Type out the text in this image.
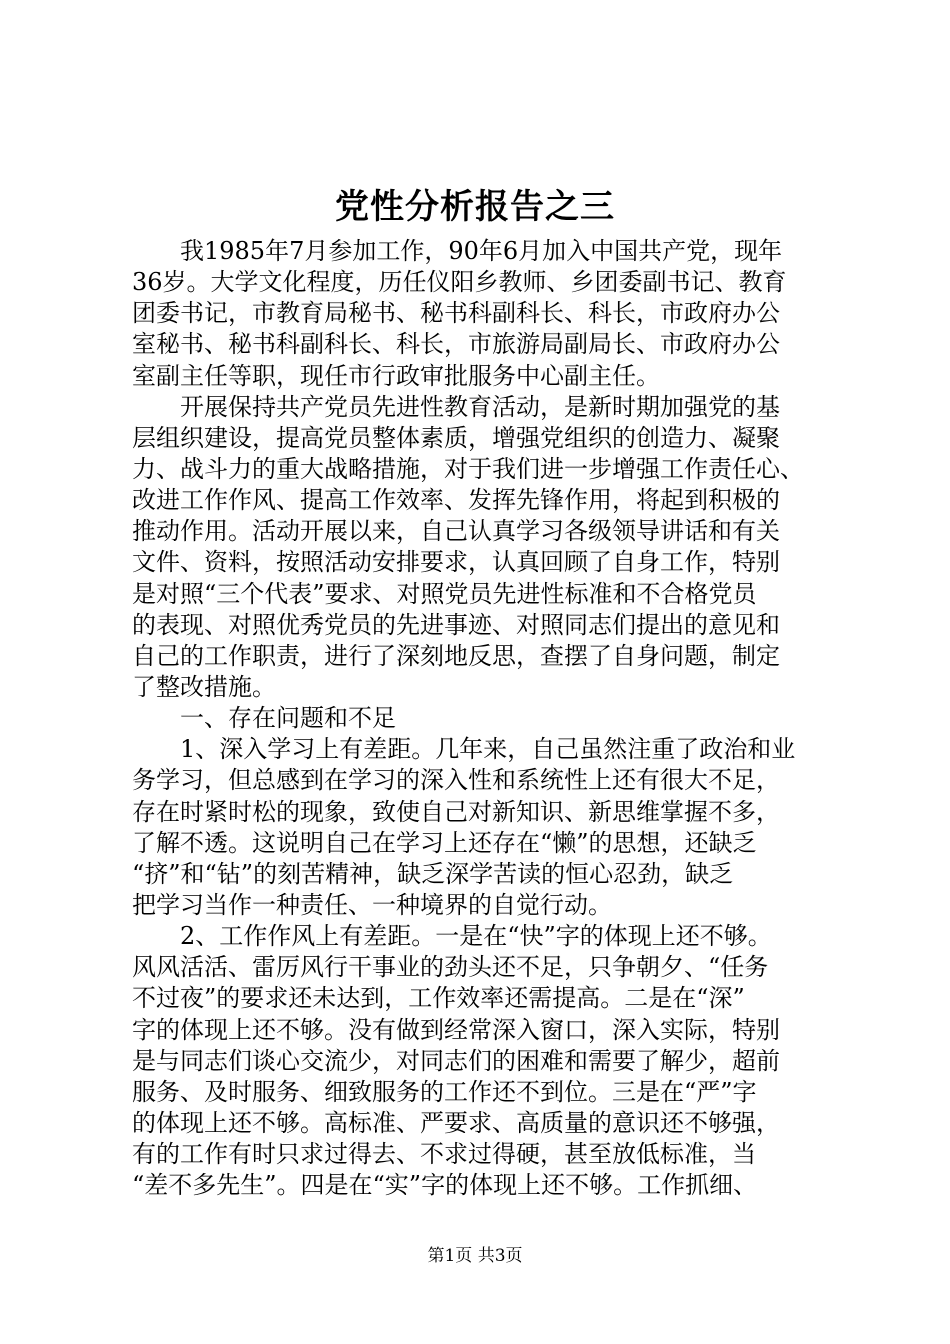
党性分析报告之三
我1985年7月参加工作，90年6月加入中国共产党，现年
36岁。大学文化程度，历任仪阳乡教师、乡团委副书记、教育
团委书记，市教育局秘书、秘书科副科长、科长，市政府办公
室秘书、秘书科副科长、科长，市旅游局副局长、市政府办公
室副主任等职，现任市行政审批服务中心副主任。
开展保持共产党员先进性教育活动，是新时期加强党的基
层组织建设，提高党员整体素质，增强党组织的创造力、凝聚
力、战斗力的重大战略措施，对于我们进一步增强工作责任心、
改进工作作风、提高工作效率、发挥先锋作用，将起到积极的
推动作用。活动开展以来，自己认真学习各级领导讲话和有关
文件、资料，按照活动安排要求，认真回顾了自身工作，特别
是对照“三个代表”要求、对照党员先进性标准和不合格党员
的表现、对照优秀党员的先进事迹、对照同志们提出的意见和
自己的工作职责，进行了深刻地反思，查摆了自身问题，制定
了整改措施。
一、存在问题和不足
1、深入学习上有差距。几年来，自己虽然注重了政治和业
务学习，但总感到在学习的深入性和系统性上还有很大不足，
存在时紧时松的现象，致使自己对新知识、新思维掌握不多，
了解不透。这说明自己在学习上还存在“懒”的思想，还缺乏
“挤”和“钻”的刻苦精神，缺乏深学苦读的恒心忍劲，缺乏
把学习当作一种责任、一种境界的自觉行动。
2、工作作风上有差距。一是在“快”字的体现上还不够。
风风活活、雷厉风行干事业的劲头还不足，只争朝夕、“任务
不过夜”的要求还未达到，工作效率还需提高。二是在“深”
字的体现上还不够。没有做到经常深入窗口，深入实际，特别
是与同志们谈心交流少，对同志们的困难和需要了解少，超前
服务、及时服务、细致服务的工作还不到位。三是在“严”字
的体现上还不够。高标准、严要求、高质量的意识还不够强，
有的工作有时只求过得去、不求过得硬，甚至放低标准，当
“差不多先生”。四是在“实”字的体现上还不够。工作抓细、
第1页 共3页
